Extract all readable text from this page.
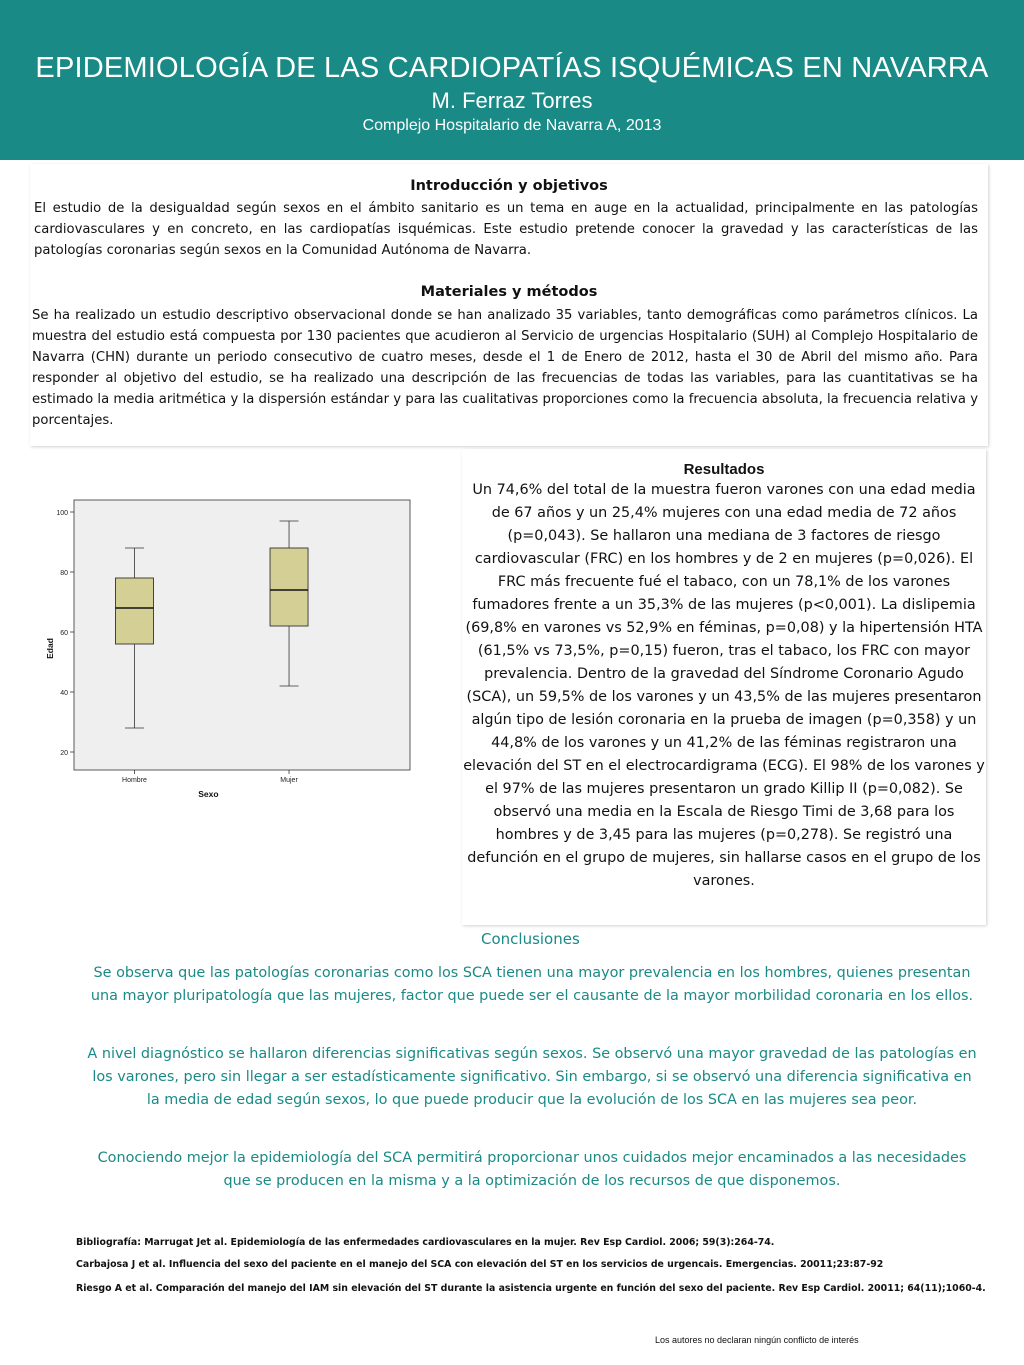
EPIDEMIOLOGÍA DE LAS CARDIOPATÍAS ISQUÉMICAS EN NAVARRA
M. Ferraz Torres
Complejo Hospitalario de Navarra A, 2013
Introducción y objetivos

El estudio de la desigualdad según sexos en el ámbito sanitario es un tema en auge en la actualidad, principalmente en las patologías cardiovasculares y en concreto, en las cardiopatías isquémicas. Este estudio pretende conocer la gravedad y las características de las patologías coronarias según sexos en la Comunidad Autónoma de Navarra.

Materiales y métodos

Se ha realizado un estudio descriptivo observacional donde se han analizado 35 variables, tanto demográficas como parámetros clínicos. La muestra del estudio está compuesta por 130 pacientes que acudieron al Servicio de urgencias Hospitalario (SUH) al Complejo Hospitalario de Navarra (CHN) durante un periodo consecutivo de cuatro meses, desde el 1 de Enero de 2012, hasta el 30 de Abril del mismo año. Para responder al objetivo del estudio, se ha realizado una descripción de las frecuencias de todas las variables, para las cuantitativas se ha estimado la media aritmética y la dispersión estándar y para las cualitativas proporciones como la frecuencia absoluta, la frecuencia relativa y porcentajes.

20
40
60
80
100
Hombre	Mujer
Sexo
Edad
Resultados

Un 74,6% del total de la muestra fueron varones con una edad media de 67 años y un 25,4% mujeres con una edad media de 72 años (p=0,043). Se hallaron una mediana de 3 factores de riesgo cardiovascular (FRC) en los hombres y de 2 en mujeres (p=0,026). El FRC más frecuente fué el tabaco, con un 78,1% de los varones fumadores frente a un 35,3% de las mujeres (p<0,001). La dislipemia (69,8% en varones vs 52,9% en féminas, p=0,08) y la hipertensión HTA (61,5% vs 73,5%, p=0,15) fueron, tras el tabaco, los FRC con mayor prevalencia. Dentro de la gravedad del Síndrome Coronario Agudo (SCA), un 59,5% de los varones y un 43,5% de las mujeres presentaron algún tipo de lesión coronaria en la prueba de imagen (p=0,358) y un 44,8% de los varones y un 41,2% de las féminas registraron una elevación del ST en el electrocardigrama (ECG). El 98% de los varones y el 97% de las mujeres presentaron un grado Killip II (p=0,082). Se observó una media en la Escala de Riesgo Timi de 3,68 para los hombres y de 3,45 para las mujeres (p=0,278). Se registró una defunción en el grupo de mujeres, sin hallarse casos en el grupo de los varones.

Conclusiones

Se observa que las patologías coronarias como los SCA tienen una mayor prevalencia en los hombres, quienes presentan una mayor pluripatología que las mujeres, factor que puede ser el causante de la mayor morbilidad coronaria en los ellos.

A nivel diagnóstico se hallaron diferencias significativas según sexos. Se observó una mayor gravedad de las patologías en los varones, pero sin llegar a ser estadísticamente significativo. Sin embargo, si se observó una diferencia significativa en la media de edad según sexos, lo que puede producir que la evolución de los SCA en las mujeres sea peor.

Conociendo mejor la epidemiología del SCA permitirá proporcionar unos cuidados mejor encaminados a las necesidades que se producen en la misma y a la optimización de los recursos de que disponemos.

Bibliografía: Marrugat Jet al. Epidemiología de las enfermedades cardiovasculares en la mujer. Rev Esp Cardiol. 2006; 59(3):264-74.
Carbajosa J et al. Influencia del sexo del paciente en el manejo del SCA con elevación del ST en los servicios de urgencais. Emergencias. 20011;23:87-92
Riesgo A et al. Comparación del manejo del IAM sin elevación del ST durante la asistencia urgente en función del sexo del paciente. Rev Esp Cardiol. 20011; 64(11);1060-4.
Los autores no declaran ningún conflicto de interés
